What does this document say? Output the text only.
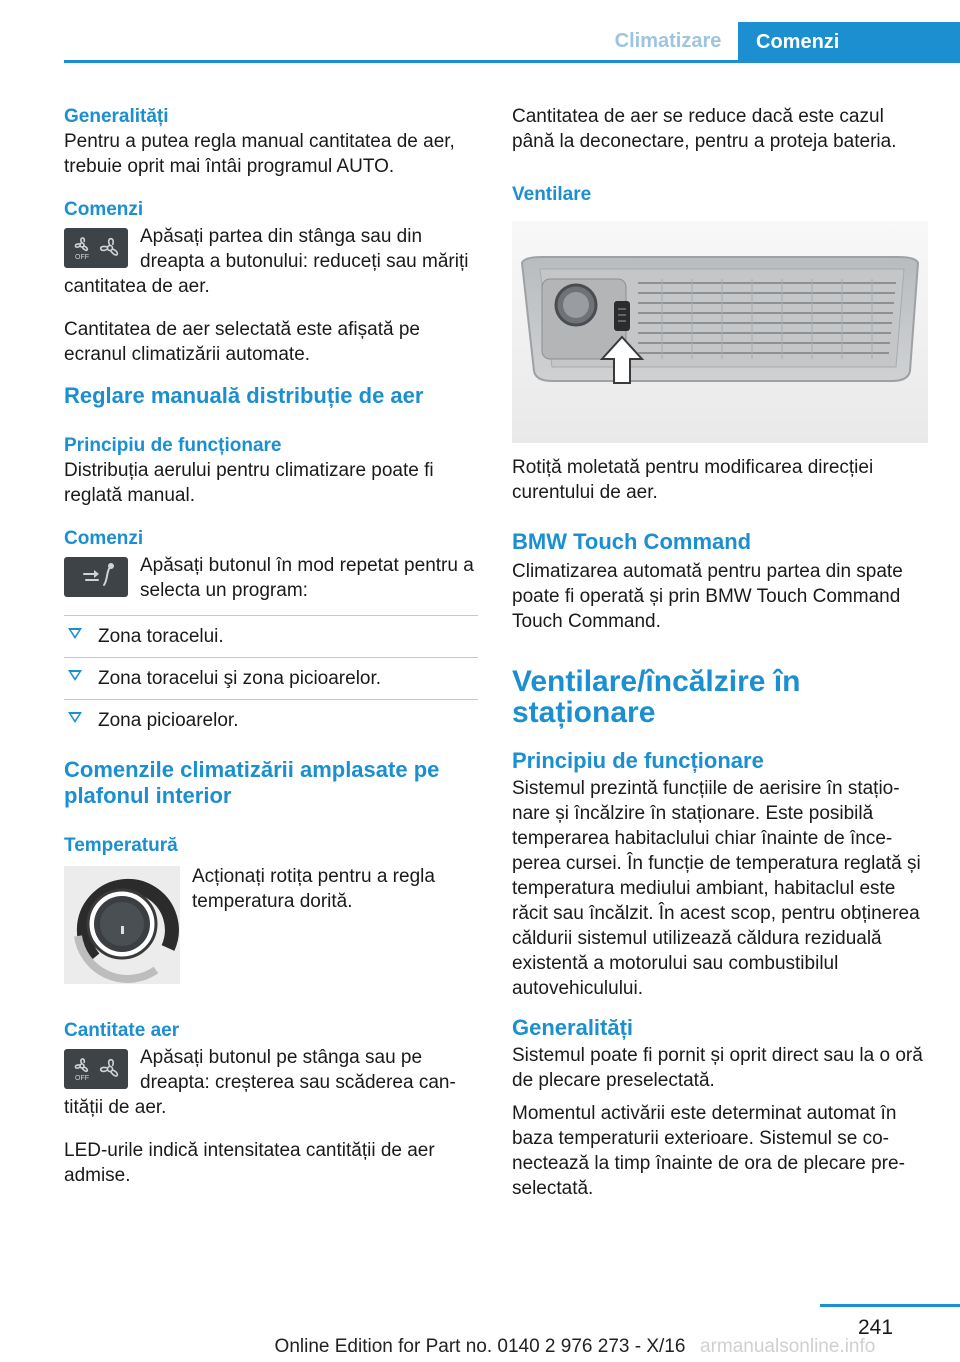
Climatizare	Comenzi
Generalități

Pentru a putea regla manual cantitatea de aer, trebuie oprit mai întâi programul AUTO.

Comenzi
OFF

Apăsați partea din stânga sau din dreapta a butonului: reduceți sau măriți cantitatea de aer.

Cantitatea de aer selectată este afișată pe ecranul climatizării automate.

Reglare manuală distribuție de aer
Principiu de funcționare

Distribuția aerului pentru climatizare poate fi reglată manual.

Comenzi

Apăsați butonul în mod repetat pentru a selecta un program:

Zona toracelui.
Zona toracelui şi zona picioarelor.
Zona picioarelor.
Comenzile climatizării amplasate pe plafonul interior
Temperatură

Acționați rotița pentru a regla temperatura dorită.

Cantitate aer
OFF

Apăsați butonul pe stânga sau pe dreapta: creșterea sau scăderea cantității de aer.

LED-urile indică intensitatea cantității de aer admise.

Cantitatea de aer se reduce dacă este cazul până la deconectare, pentru a proteja bateria.

Ventilare

Rotiță moletată pentru modificarea direcției curentului de aer.

BMW Touch Command

Climatizarea automată pentru partea din spate poate fi operată și prin BMW Touch Command Touch Command.

Ventilare/încălzire în staționare
Principiu de funcționare

Sistemul prezintă funcțiile de aerisire în staționare și încălzire în staționare. Este posibilă temperarea habitaclului chiar înainte de începerea cursei. În funcție de temperatura reglată și temperatura mediului ambiant, habitaclul este răcit sau încălzit. În acest scop, pentru obținerea căldurii sistemul utilizează căldura reziduală existentă a motorului sau combustibilul autovehiculului.

Generalități

Sistemul poate fi pornit și oprit direct sau la o oră de plecare preselectată.

Momentul activării este determinat automat în baza temperaturii exterioare. Sistemul se conectează la timp înainte de ora de plecare preselectată.

241
Online Edition for Part no. 0140 2 976 273 - X/16 armanualsonline.info
